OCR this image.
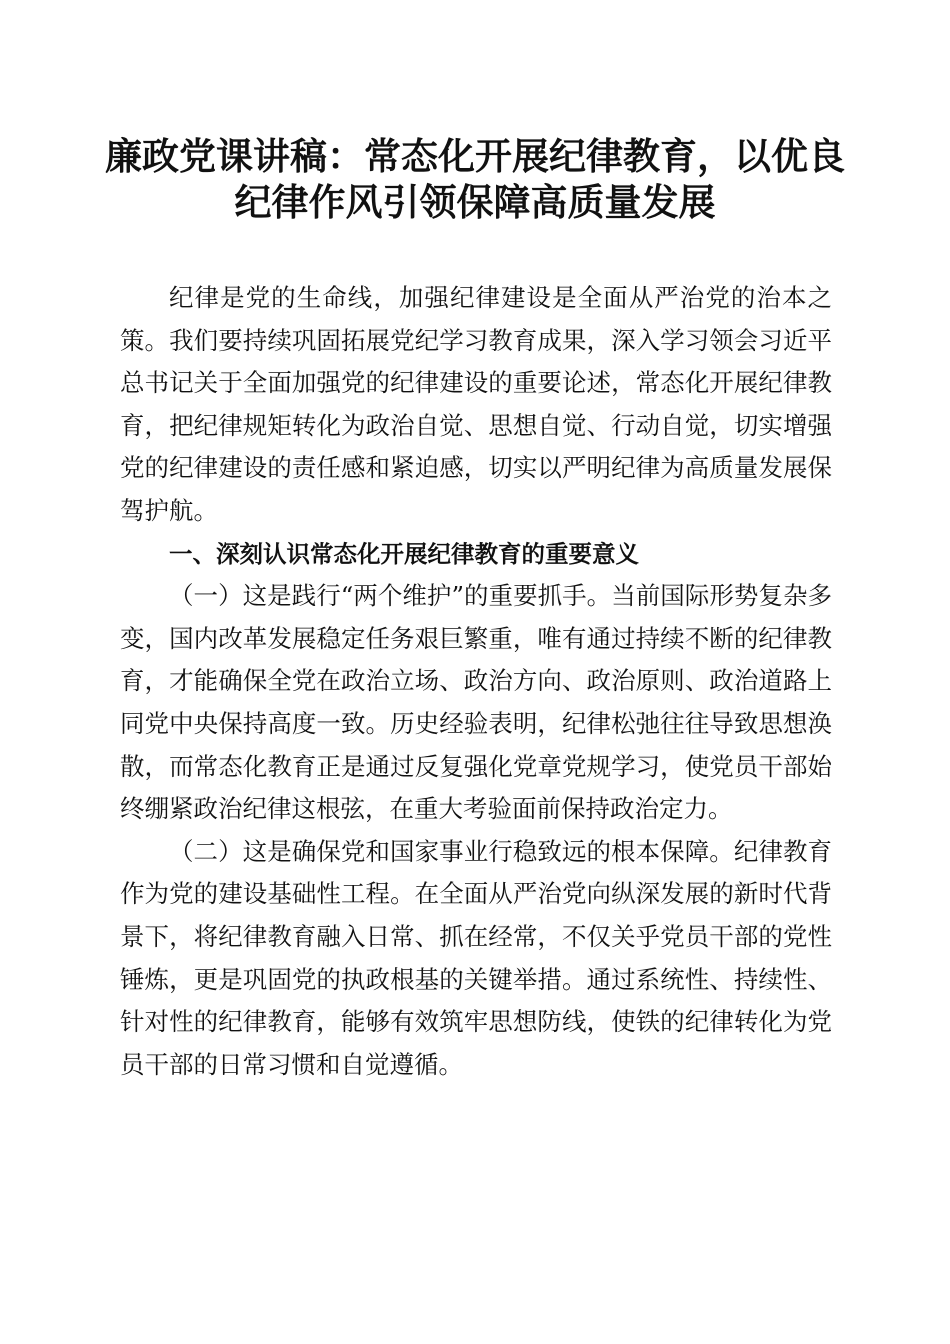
廉政党课讲稿：常态化开展纪律教育，以优良
纪律作风引领保障高质量发展

纪律是党的生命线，加强纪律建设是全面从严治党的治本之策。我们要持续巩固拓展党纪学习教育成果，深入学习领会习近平总书记关于全面加强党的纪律建设的重要论述，常态化开展纪律教育，把纪律规矩转化为政治自觉、思想自觉、行动自觉，切实增强党的纪律建设的责任感和紧迫感，切实以严明纪律为高质量发展保驾护航。

一、深刻认识常态化开展纪律教育的重要意义

（一）这是践行“两个维护”的重要抓手。当前国际形势复杂多变，国内改革发展稳定任务艰巨繁重，唯有通过持续不断的纪律教育，才能确保全党在政治立场、政治方向、政治原则、政治道路上同党中央保持高度一致。历史经验表明，纪律松弛往往导致思想涣散，而常态化教育正是通过反复强化党章党规学习，使党员干部始终绷紧政治纪律这根弦，在重大考验面前保持政治定力。

（二）这是确保党和国家事业行稳致远的根本保障。纪律教育作为党的建设基础性工程。在全面从严治党向纵深发展的新时代背景下，将纪律教育融入日常、抓在经常，不仅关乎党员干部的党性锤炼，更是巩固党的执政根基的关键举措。通过系统性、持续性、针对性的纪律教育，能够有效筑牢思想防线，使铁的纪律转化为党员干部的日常习惯和自觉遵循。
